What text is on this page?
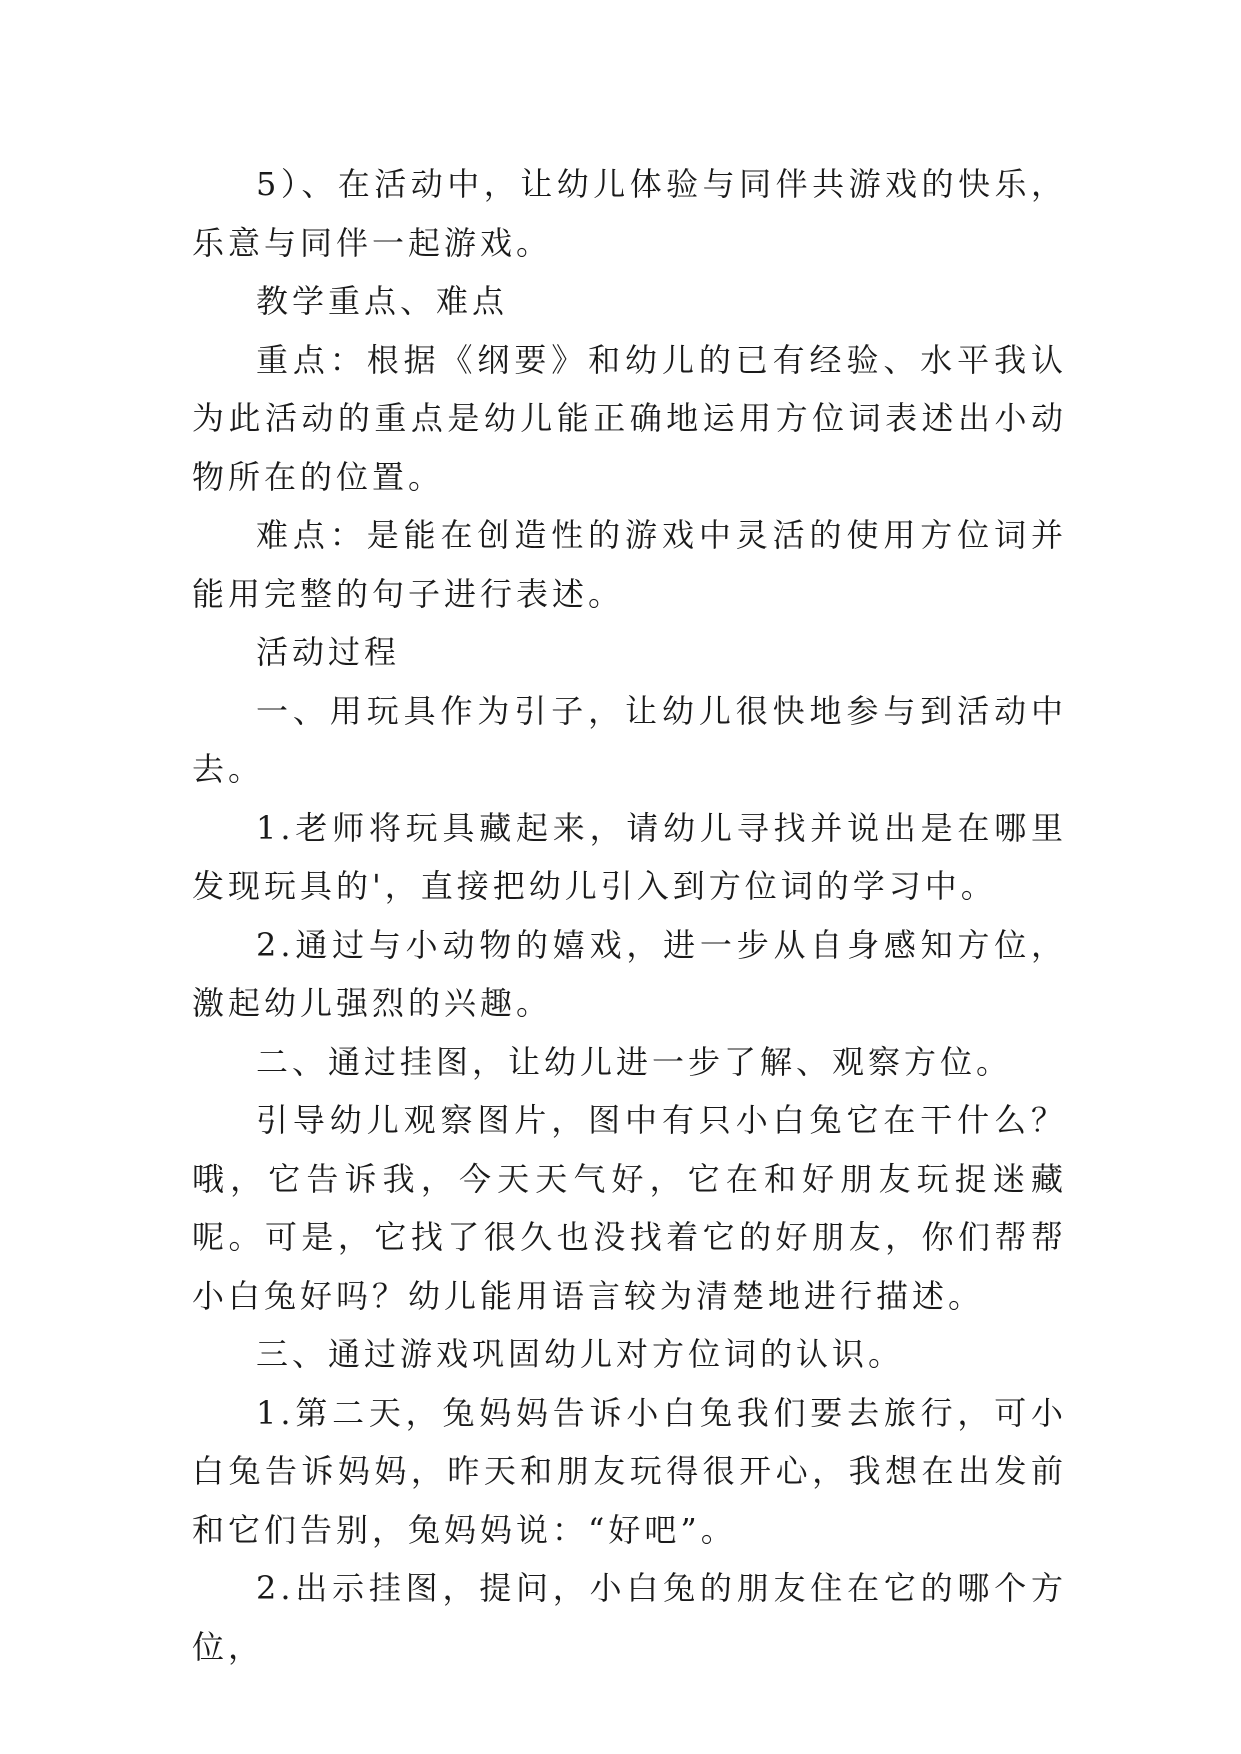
5）、在活动中，让幼儿体验与同伴共游戏的快乐，乐意与同伴一起游戏。

教学重点、难点

重点：根据《纲要》和幼儿的已有经验、水平我认为此活动的重点是幼儿能正确地运用方位词表述出小动物所在的位置。

难点：是能在创造性的游戏中灵活的使用方位词并能用完整的句子进行表述。

活动过程

一、用玩具作为引子，让幼儿很快地参与到活动中去。

1.老师将玩具藏起来，请幼儿寻找并说出是在哪里发现玩具的'，直接把幼儿引入到方位词的学习中。

2.通过与小动物的嬉戏，进一步从自身感知方位，激起幼儿强烈的兴趣。

二、通过挂图，让幼儿进一步了解、观察方位。

引导幼儿观察图片，图中有只小白兔它在干什么？哦，它告诉我，今天天气好，它在和好朋友玩捉迷藏呢。可是，它找了很久也没找着它的好朋友，你们帮帮小白兔好吗？幼儿能用语言较为清楚地进行描述。

三、通过游戏巩固幼儿对方位词的认识。

1.第二天，兔妈妈告诉小白兔我们要去旅行，可小白兔告诉妈妈，昨天和朋友玩得很开心，我想在出发前和它们告别，兔妈妈说：“好吧”。

2.出示挂图，提问，小白兔的朋友住在它的哪个方位，
